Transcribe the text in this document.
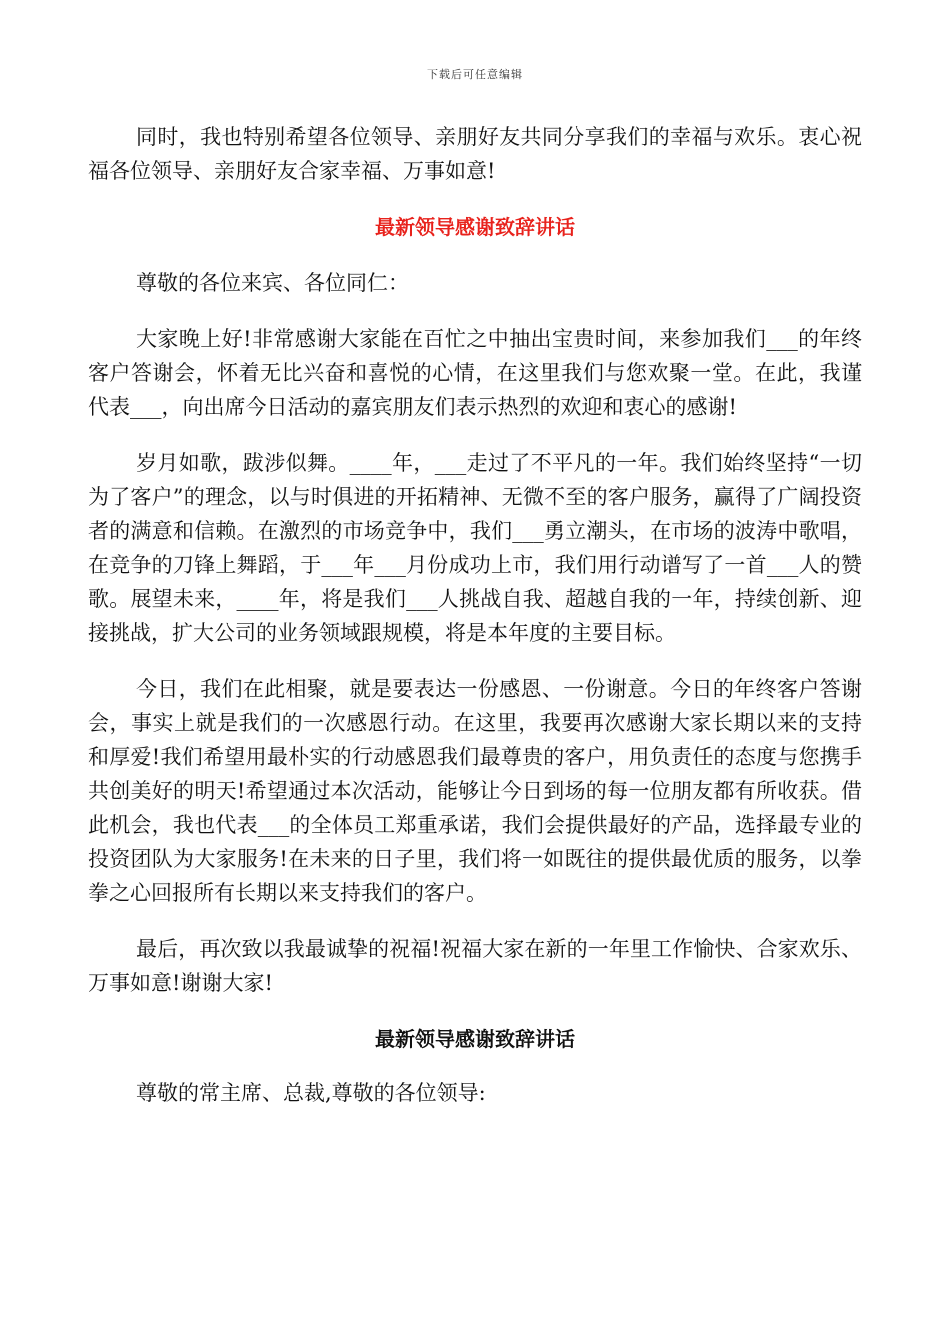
下载后可任意编辑

同时，我也特别希望各位领导、亲朋好友共同分享我们的幸福与欢乐。衷心祝福各位领导、亲朋好友合家幸福、万事如意!

最新领导感谢致辞讲话

尊敬的各位来宾、各位同仁：

大家晚上好!非常感谢大家能在百忙之中抽出宝贵时间，来参加我们___的年终客户答谢会，怀着无比兴奋和喜悦的心情，在这里我们与您欢聚一堂。在此，我谨代表___，向出席今日活动的嘉宾朋友们表示热烈的欢迎和衷心的感谢!

岁月如歌，跋涉似舞。____年，___走过了不平凡的一年。我们始终坚持“一切为了客户”的理念，以与时俱进的开拓精神、无微不至的客户服务，赢得了广阔投资者的满意和信赖。在激烈的市场竞争中，我们___勇立潮头，在市场的波涛中歌唱，在竞争的刀锋上舞蹈，于___年___月份成功上市，我们用行动谱写了一首___人的赞歌。展望未来，____年，将是我们___人挑战自我、超越自我的一年，持续创新、迎接挑战，扩大公司的业务领域跟规模，将是本年度的主要目标。

今日，我们在此相聚，就是要表达一份感恩、一份谢意。今日的年终客户答谢会，事实上就是我们的一次感恩行动。在这里，我要再次感谢大家长期以来的支持和厚爱!我们希望用最朴实的行动感恩我们最尊贵的客户，用负责任的态度与您携手共创美好的明天!希望通过本次活动，能够让今日到场的每一位朋友都有所收获。借此机会，我也代表___的全体员工郑重承诺，我们会提供最好的产品，选择最专业的投资团队为大家服务!在未来的日子里，我们将一如既往的提供最优质的服务，以拳拳之心回报所有长期以来支持我们的客户。

最后，再次致以我最诚挚的祝福!祝福大家在新的一年里工作愉快、合家欢乐、万事如意!谢谢大家!

最新领导感谢致辞讲话

尊敬的常主席、总裁,尊敬的各位领导:
